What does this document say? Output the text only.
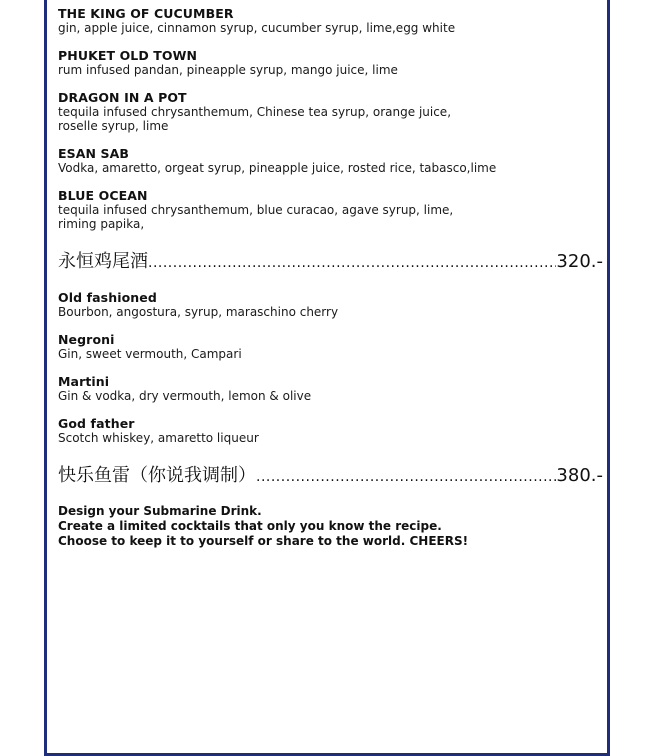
THE KING OF CUCUMBER
gin, apple juice, cinnamon syrup, cucumber syrup, lime,egg white
PHUKET OLD TOWN
rum infused pandan, pineapple syrup, mango juice, lime
DRAGON IN A POT
tequila infused chrysanthemum, Chinese tea syrup, orange juice,
roselle syrup, lime
ESAN SAB
Vodka, amaretto, orgeat syrup, pineapple juice, rosted rice, tabasco,lime
BLUE OCEAN
tequila infused chrysanthemum, blue curacao, agave syrup, lime,
riming papika,
永恒鸡尾酒 .....	320.-
Old fashioned
Bourbon, angostura, syrup, maraschino cherry
Negroni
Gin, sweet vermouth, Campari
Martini
Gin & vodka, dry vermouth, lemon & olive
God father
Scotch whiskey, amaretto liqueur
快乐鱼雷（你说我调制） .....	380.-
Design your Submarine Drink.
Create a limited cocktails that only you know the recipe.
Choose to keep it to yourself or share to the world. CHEERS!
